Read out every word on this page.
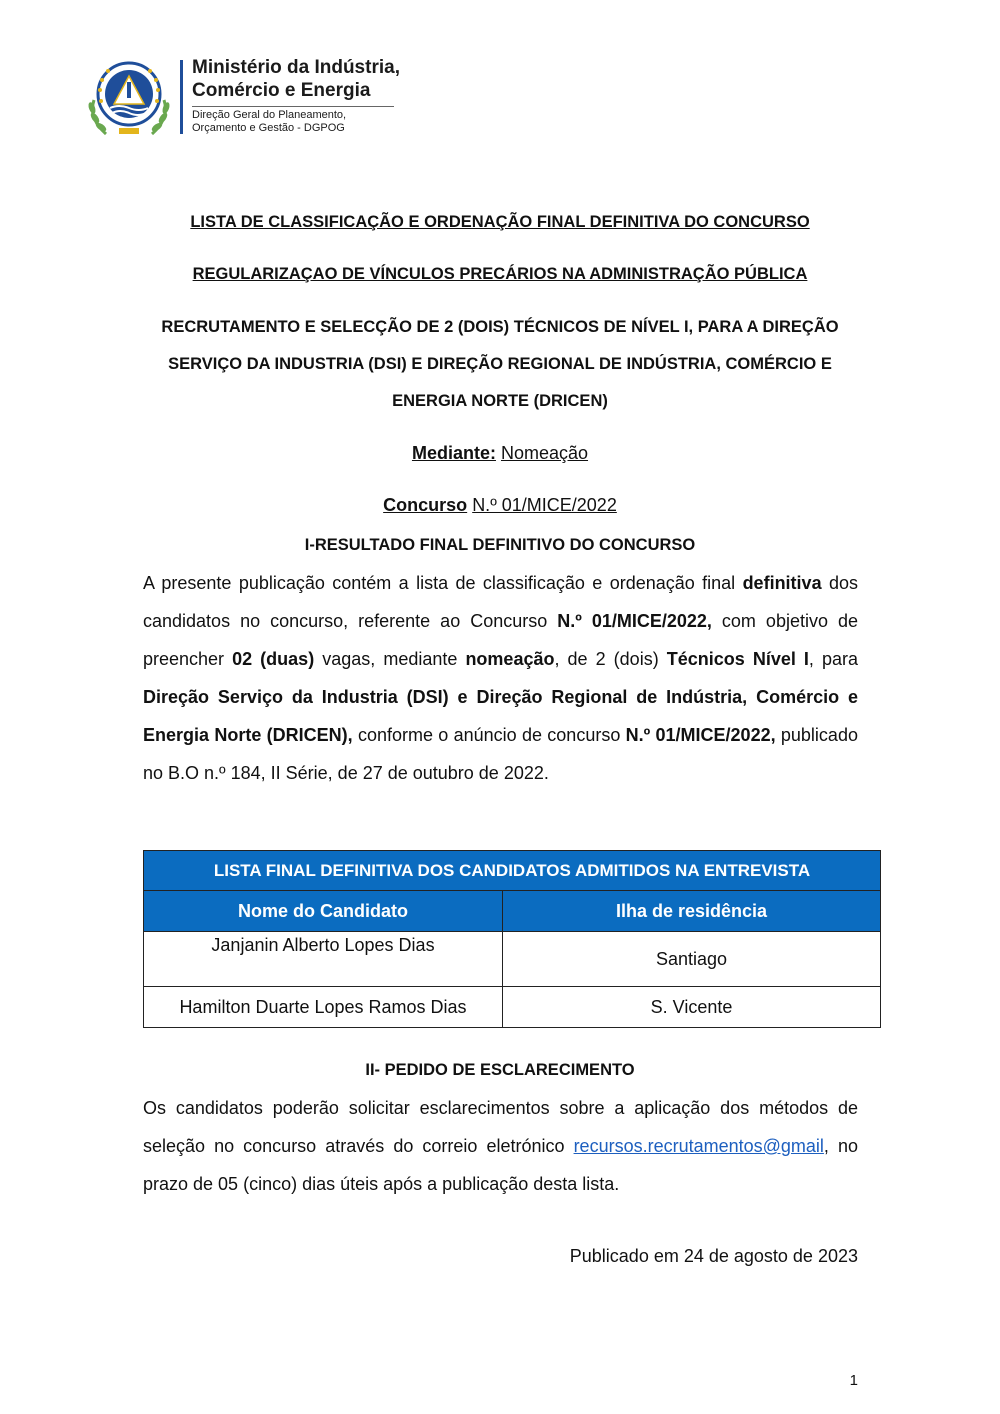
Ministério da Indústria,
Comércio e Energia
Direção Geral do Planeamento,
Orçamento e Gestão - DGPOG
LISTA DE CLASSIFICAÇÃO E ORDENAÇÃO FINAL DEFINITIVA DO CONCURSO
REGULARIZAÇAO DE VÍNCULOS PRECÁRIOS NA ADMINISTRAÇÃO PÚBLICA
RECRUTAMENTO E SELECÇÃO DE 2 (DOIS) TÉCNICOS DE NÍVEL I, PARA A DIREÇÃO
SERVIÇO DA INDUSTRIA (DSI) E DIREÇÃO REGIONAL DE INDÚSTRIA, COMÉRCIO E
ENERGIA NORTE (DRICEN)
Mediante: Nomeação
Concurso N.º 01/MICE/2022
I-RESULTADO FINAL DEFINITIVO DO CONCURSO
A presente publicação contém a lista de classificação e ordenação final definitiva dos candidatos no concurso, referente ao Concurso N.º 01/MICE/2022, com objetivo de preencher 02 (duas) vagas, mediante nomeação, de 2 (dois) Técnicos Nível I, para Direção Serviço da Industria (DSI) e Direção Regional de Indústria, Comércio e Energia Norte (DRICEN), conforme o anúncio de concurso N.º 01/MICE/2022, publicado no B.O n.º 184, II Série, de 27 de outubro de 2022.
LISTA FINAL DEFINITIVA DOS CANDIDATOS ADMITIDOS NA ENTREVISTA	
Nome do Candidato	Ilha de residência
Janjanin Alberto Lopes Dias	Santiago
Hamilton Duarte Lopes Ramos Dias	S. Vicente
II- PEDIDO DE ESCLARECIMENTO
Os candidatos poderão solicitar esclarecimentos sobre a aplicação dos métodos de seleção no concurso através do correio eletrónico recursos.recrutamentos@gmail, no prazo de 05 (cinco) dias úteis após a publicação desta lista.
Publicado em 24 de agosto de 2023
1
